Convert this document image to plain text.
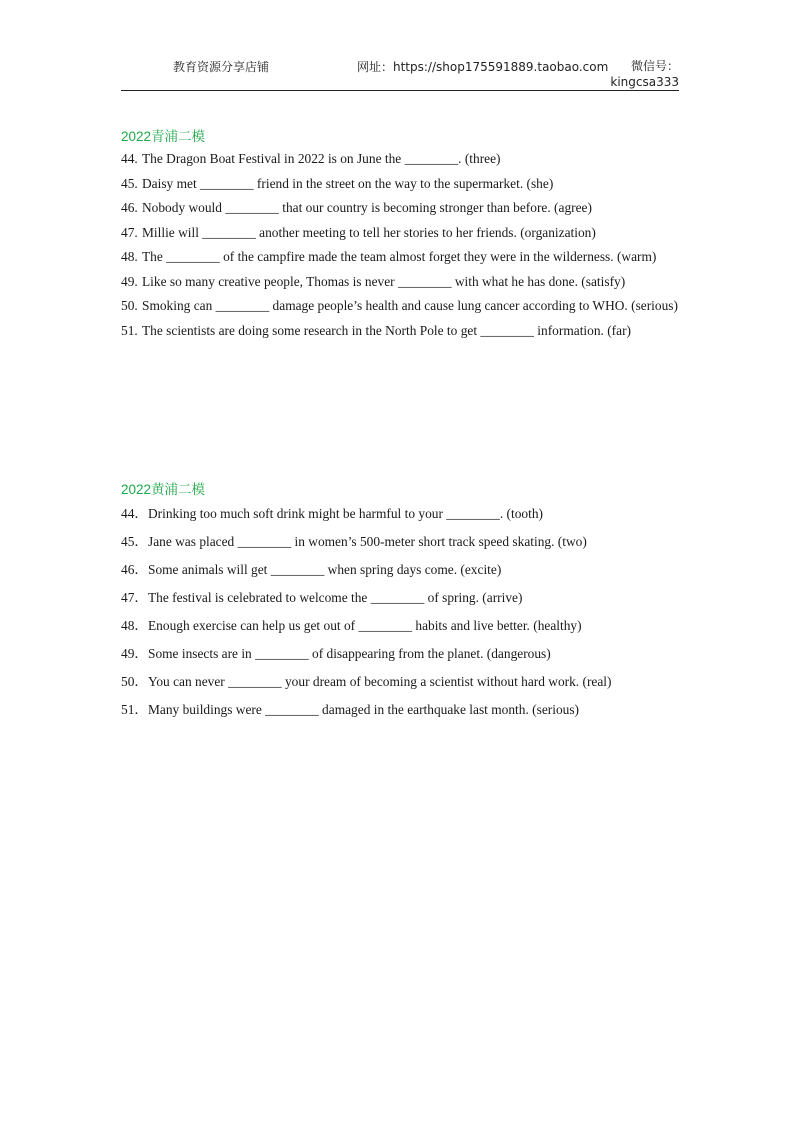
教育资源分享店铺	网址：https://shop175591889.taobao.com	微信号：
kingcsa333
2022青浦二模
44. The Dragon Boat Festival in 2022 is on June the ________. (three)
45. Daisy met ________ friend in the street on the way to the supermarket. (she)
46. Nobody would ________ that our country is becoming stronger than before. (agree)
47. Millie will ________ another meeting to tell her stories to her friends. (organization)
48. The ________ of the campfire made the team almost forget they were in the wilderness. (warm)
49. Like so many creative people, Thomas is never ________ with what he has done. (satisfy)
50. Smoking can ________ damage people’s health and cause lung cancer according to WHO. (serious)
51. The scientists are doing some research in the North Pole to get ________ information. (far)
2022黄浦二模
44． Drinking too much soft drink might be harmful to your ________. (tooth)
45． Jane was placed ________ in women’s 500-meter short track speed skating. (two)
46． Some animals will get ________ when spring days come. (excite)
47． The festival is celebrated to welcome the ________ of spring. (arrive)
48． Enough exercise can help us get out of ________ habits and live better. (healthy)
49． Some insects are in ________ of disappearing from the planet. (dangerous)
50． You can never ________ your dream of becoming a scientist without hard work. (real)
51． Many buildings were ________ damaged in the earthquake last month. (serious)
